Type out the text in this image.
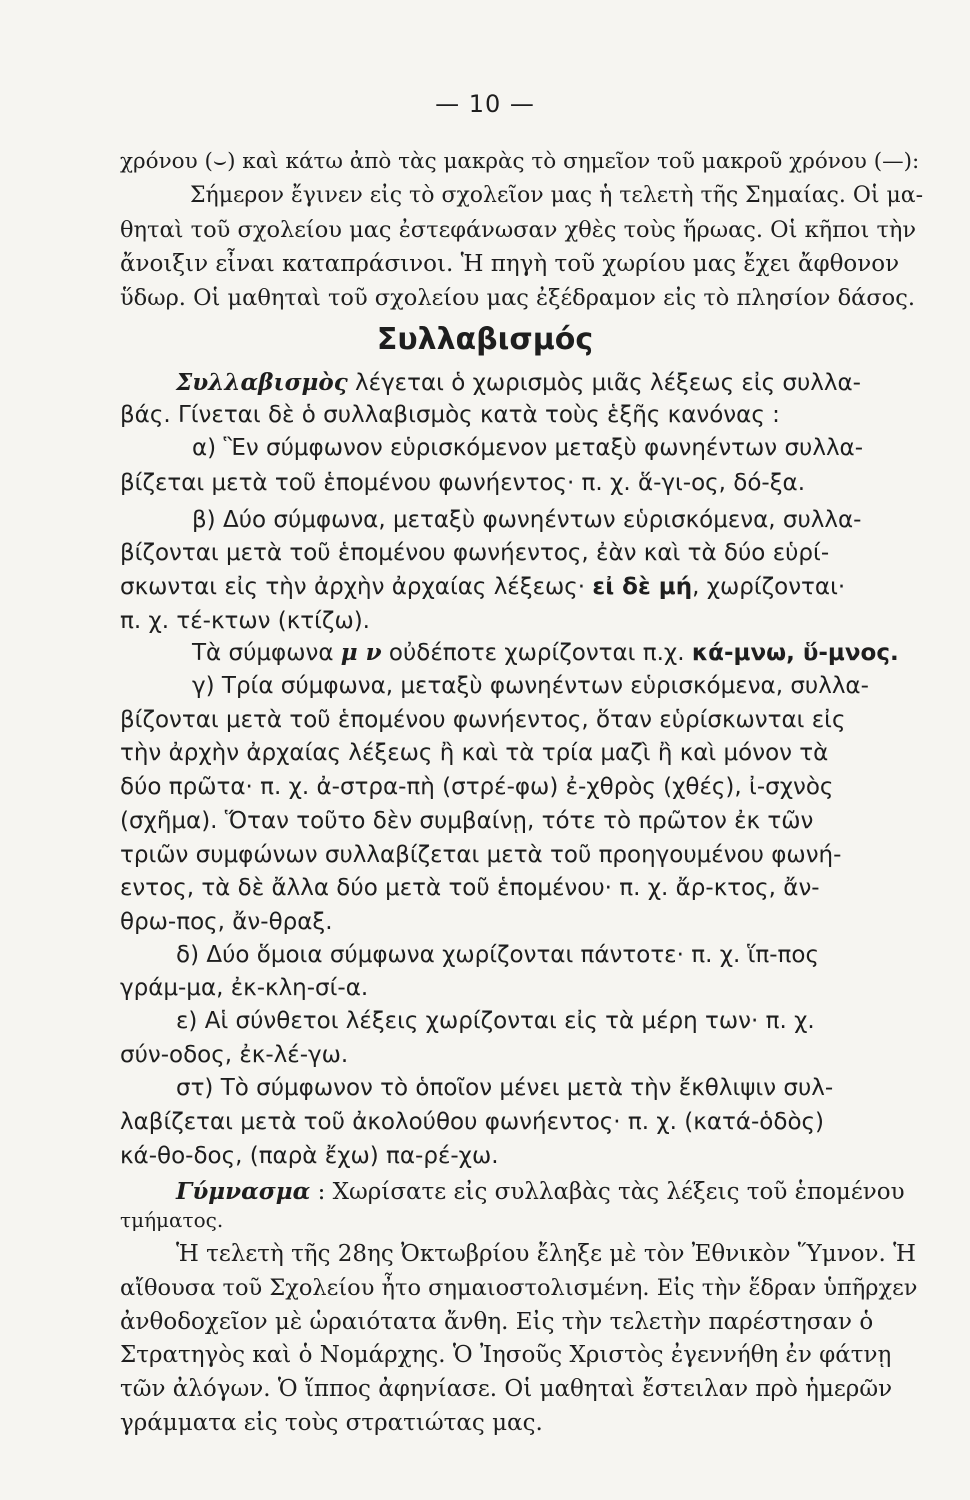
— 10 —
χρόνου (⌣) καὶ κάτω ἀπὸ τὰς μακρὰς τὸ σημεῖον τοῦ μακροῦ χρόνου (—):
Σήμερον ἔγινεν εἰς τὸ σχολεῖον μας ἡ τελετὴ τῆς Σημαίας. Οἱ μα-
θηταὶ τοῦ σχολείου μας ἐστεφάνωσαν χθὲς τοὺς ἥρωας. Οἱ κῆποι τὴν
ἄνοιξιν εἶναι καταπράσινοι. Ἡ πηγὴ τοῦ χωρίου μας ἔχει ἄφθονον
ὕδωρ. Οἱ μαθηταὶ τοῦ σχολείου μας ἐξέδραμον εἰς τὸ πλησίον δάσος.
Συλλαβισμός
Συλλαβισμὸς λέγεται ὁ χωρισμὸς μιᾶς λέξεως εἰς συλλα-
βάς. Γίνεται δὲ ὁ συλλαβισμὸς κατὰ τοὺς ἑξῆς κανόνας :
α) Ἓν σύμφωνον εὑρισκόμενον μεταξὺ φωνηέντων συλλα-
βίζεται μετὰ τοῦ ἑπομένου φωνήεντος· π. χ. ἅ-γι-ος, δό-ξα.
β) Δύο σύμφωνα, μεταξὺ φωνηέντων εὑρισκόμενα, συλλα-
βίζονται μετὰ τοῦ ἑπομένου φωνήεντος, ἐὰν καὶ τὰ δύο εὑρί-
σκωνται εἰς τὴν ἀρχὴν ἀρχαίας λέξεως· εἰ δὲ μή, χωρίζονται·
π. χ. τέ-κτων (κτίζω).
Τὰ σύμφωνα μ ν οὐδέποτε χωρίζονται π.χ. κά-μνω, ὕ-μνος.
γ) Τρία σύμφωνα, μεταξὺ φωνηέντων εὑρισκόμενα, συλλα-
βίζονται μετὰ τοῦ ἑπομένου φωνήεντος, ὅταν εὑρίσκωνται εἰς
τὴν ἀρχὴν ἀρχαίας λέξεως ἢ καὶ τὰ τρία μαζὶ ἢ καὶ μόνον τὰ
δύο πρῶτα· π. χ. ἀ-στρα-πὴ (στρέ-φω) ἐ-χθρὸς (χθές), ἰ-σχνὸς
(σχῆμα). Ὅταν τοῦτο δὲν συμβαίνῃ, τότε τὸ πρῶτον ἐκ τῶν
τριῶν συμφώνων συλλαβίζεται μετὰ τοῦ προηγουμένου φωνή-
εντος, τὰ δὲ ἄλλα δύο μετὰ τοῦ ἑπομένου· π. χ. ἄρ-κτος, ἄν-
θρω-πος, ἄν-θραξ.
δ) Δύο ὅμοια σύμφωνα χωρίζονται πάντοτε· π. χ. ἵπ-πος
γράμ-μα, ἐκ-κλη-σί-α.
ε) Αἱ σύνθετοι λέξεις χωρίζονται εἰς τὰ μέρη των· π. χ.
σύν-οδος, ἐκ-λέ-γω.
στ) Τὸ σύμφωνον τὸ ὁποῖον μένει μετὰ τὴν ἔκθλιψιν συλ-
λαβίζεται μετὰ τοῦ ἀκολούθου φωνήεντος· π. χ. (κατά-ὁδὸς)
κά-θο-δος, (παρὰ ἔχω) πα-ρέ-χω.
Γύμνασμα : Χωρίσατε εἰς συλλαβὰς τὰς λέξεις τοῦ ἑπομένου
τμήματος.
Ἡ τελετὴ τῆς 28ης Ὀκτωβρίου ἔληξε μὲ τὸν Ἐθνικὸν Ὕμνον. Ἡ
αἴθουσα τοῦ Σχολείου ἦτο σημαιοστολισμένη. Εἰς τὴν ἕδραν ὑπῆρχεν
ἀνθοδοχεῖον μὲ ὡραιότατα ἄνθη. Εἰς τὴν τελετὴν παρέστησαν ὁ
Στρατηγὸς καὶ ὁ Νομάρχης. Ὁ Ἰησοῦς Χριστὸς ἐγεννήθη ἐν φάτνῃ
τῶν ἀλόγων. Ὁ ἵππος ἀφηνίασε. Οἱ μαθηταὶ ἔστειλαν πρὸ ἡμερῶν
γράμματα εἰς τοὺς στρατιώτας μας.
